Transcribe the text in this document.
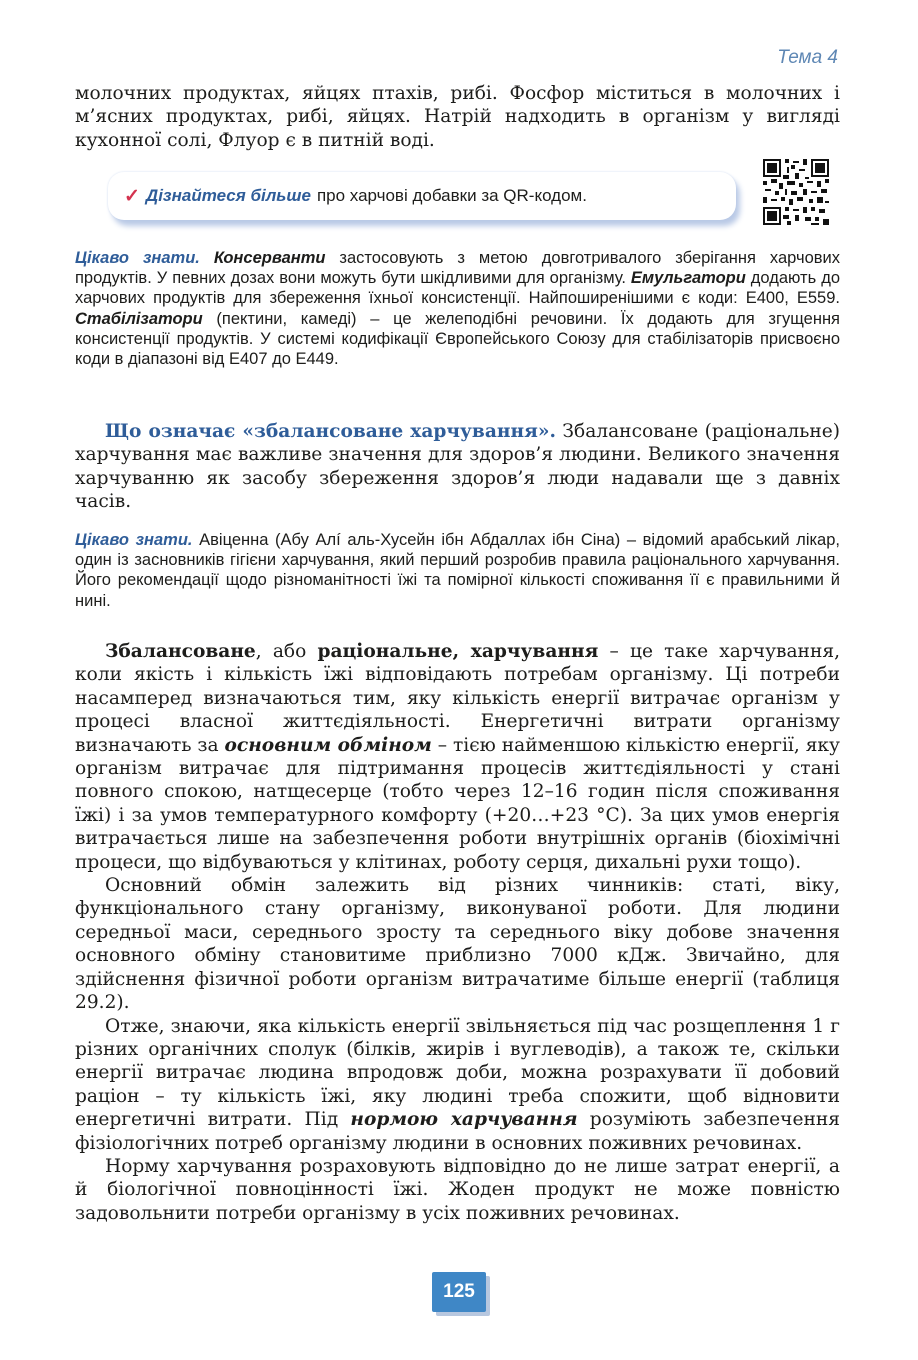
Тема 4

молочних продуктах, яйцях птахів, рибі. Фосфор міститься в молочних і м’ясних продуктах, рибі, яйцях. Натрій надходить в організм у вигляді кухонної солі, Флуор є в питній воді.

✓ Дізнайтеся більше про харчові добавки за QR-кодом.

Цікаво знати. Консерванти застосовують з метою довготривалого зберігання харчових продуктів. У певних дозах вони можуть бути шкідливими для організму. Емульгатори додають до харчових продуктів для збереження їхньої консистенції. Найпоширенішими є коди: E400, E559. Стабілізатори (пектини, камеді) – це желеподібні речовини. Їх додають для згущення консистенції продуктів. У системі кодифікації Європейського Союзу для стабілізаторів присвоєно коди в діапазоні від E407 до E449.

Що означає «збалансоване харчування». Збалансоване (раціональне) харчування має важливе значення для здоров’я людини. Великого значення харчуванню як засобу збереження здоров’я люди надавали ще з давніх часів.

Цікаво знати. Авіценна (Абу Алí аль-Хусейн ібн Абдаллах ібн Сіна) – відомий арабський лікар, один із засновників гігієни харчування, який перший розробив правила раціонального харчування. Його рекомендації щодо різноманітності їжі та помірної кількості споживання її є правильними й нині.

Збалансоване, або раціональне, харчування – це таке харчування, коли якість і кількість їжі відповідають потребам організму. Ці потреби насамперед визначаються тим, яку кількість енергії витрачає організм у процесі власної життєдіяльності. Енергетичні витрати організму визначають за основним обміном – тією найменшою кількістю енергії, яку організм витрачає для підтримання процесів життєдіяльності у стані повного спокою, натщесерце (тобто через 12–16 годин після споживання їжі) і за умов температурного комфорту (+20…+23 °С). За цих умов енергія витрачається лише на забезпечення роботи внутрішніх органів (біохімічні процеси, що відбуваються у клітинах, роботу серця, дихальні рухи тощо).

Основний обмін залежить від різних чинників: статі, віку, функціонального стану організму, виконуваної роботи. Для людини середньої маси, середнього зросту та середнього віку добове значення основного обміну становитиме приблизно 7000 кДж. Звичайно, для здійснення фізичної роботи організм витрачатиме більше енергії (таблиця 29.2).

Отже, знаючи, яка кількість енергії звільняється під час розщеплення 1 г різних органічних сполук (білків, жирів і вуглеводів), а також те, скільки енергії витрачає людина впродовж доби, можна розрахувати її добовий раціон – ту кількість їжі, яку людині треба спожити, щоб відновити енергетичні витрати. Під нормою харчування розуміють забезпечення фізіологічних потреб організму людини в основних поживних речовинах.

Норму харчування розраховують відповідно до не лише затрат енергії, а й біологічної повноцінності їжі. Жоден продукт не може повністю задовольнити потреби організму в усіх поживних речовинах.

125
